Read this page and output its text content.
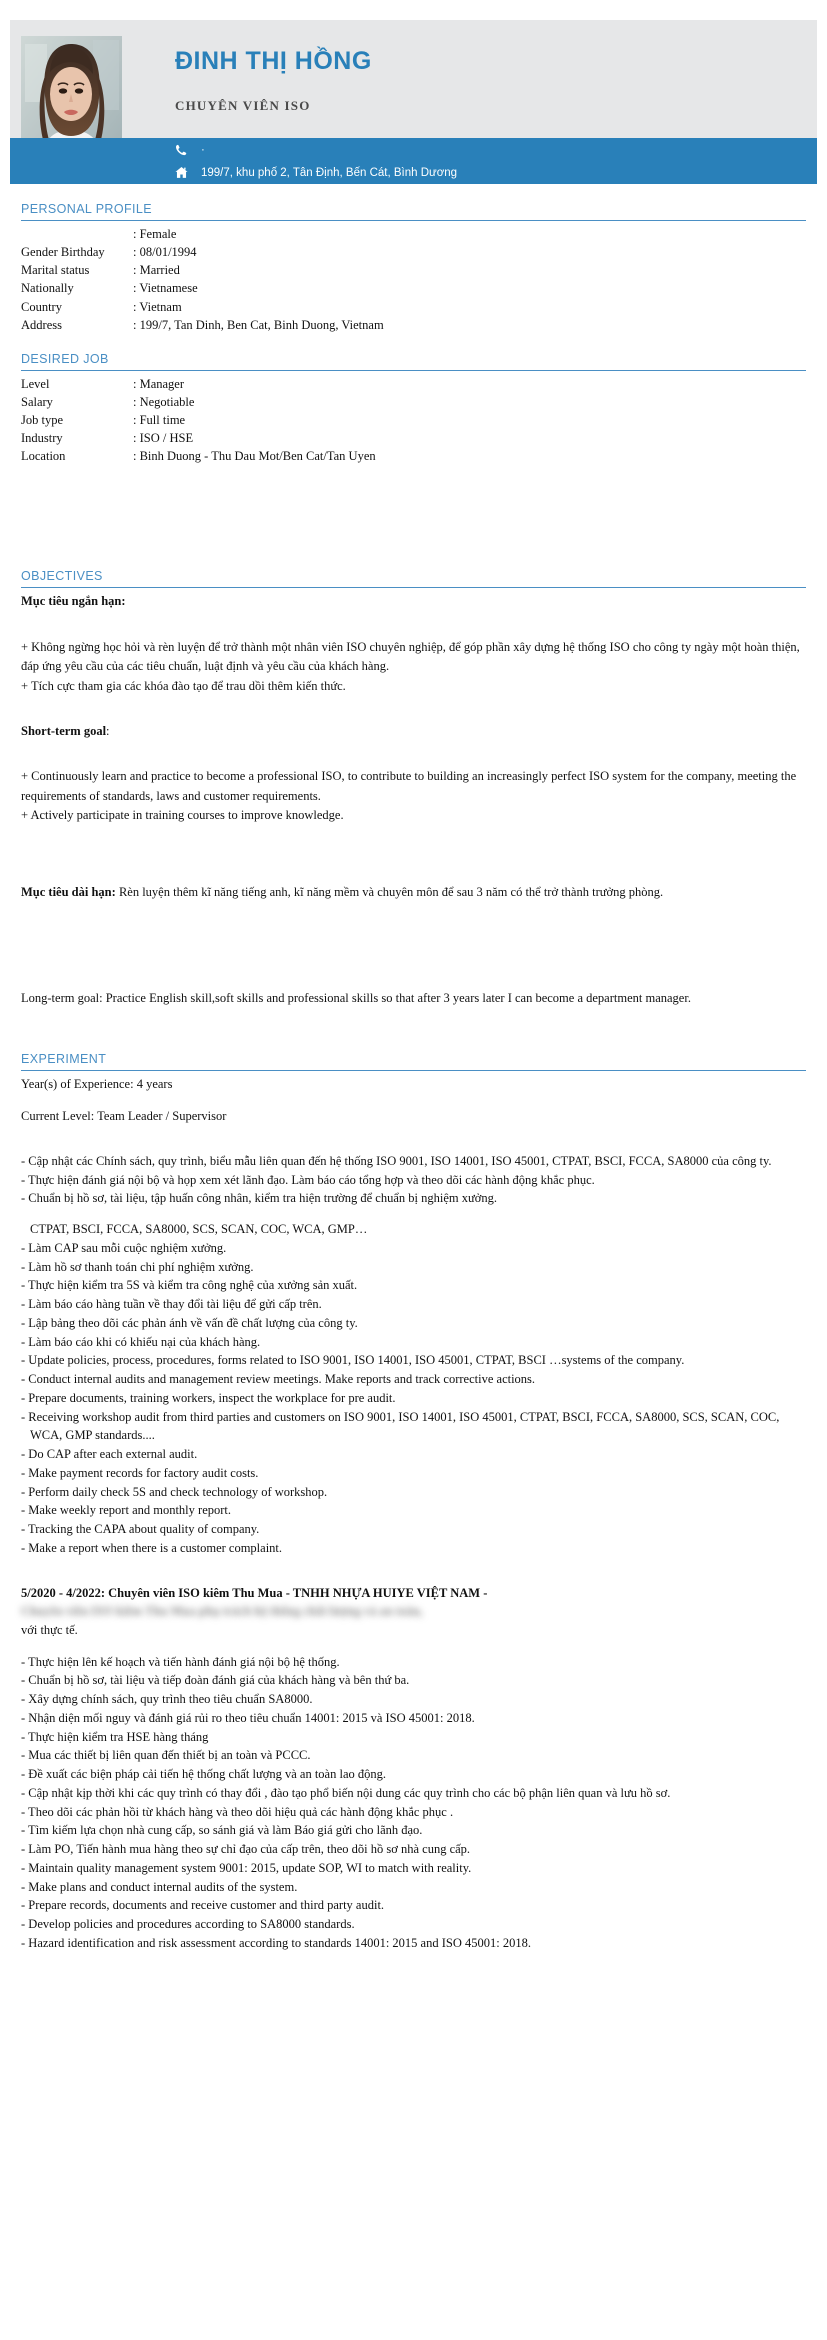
ĐINH THỊ HỒNG
CHUYÊN VIÊN ISO
·
199/7, khu phố 2, Tân Định, Bến Cát, Bình Dương
PERSONAL PROFILE
	: Female
Gender Birthday	: 08/01/1994
Marital status	: Married
Nationally	: Vietnamese
Country	: Vietnam
Address	: 199/7, Tan Dinh, Ben Cat, Binh Duong, Vietnam
DESIRED JOB
Level	: Manager
Salary	: Negotiable
Job type	: Full time
Industry	: ISO / HSE
Location	: Binh Duong - Thu Dau Mot/Ben Cat/Tan Uyen
OBJECTIVES
Mục tiêu ngắn hạn:
+ Không ngừng học hỏi và rèn luyện để trở thành một nhân viên ISO chuyên nghiệp, để góp phần xây dựng hệ thống ISO cho công ty ngày một hoàn thiện, đáp ứng yêu cầu của các tiêu chuẩn, luật định và yêu cầu của khách hàng.
+ Tích cực tham gia các khóa đào tạo để trau dồi thêm kiến thức.
Short-term goal:
+ Continuously learn and practice to become a professional ISO, to contribute to building an increasingly perfect ISO system for the company, meeting the requirements of standards, laws and customer requirements.
+ Actively participate in training courses to improve knowledge.
Mục tiêu dài hạn: Rèn luyện thêm kĩ năng tiếng anh, kĩ năng mềm và chuyên môn để sau 3 năm có thể trở thành trưởng phòng.
Long-term goal: Practice English skill,soft skills and professional skills so that after 3 years later I can become a department manager.
EXPERIMENT
Year(s) of Experience: 4 years
Current Level: Team Leader / Supervisor
- Cập nhật các Chính sách, quy trình, biểu mẫu liên quan đến hệ thống ISO 9001, ISO 14001, ISO 45001, CTPAT, BSCI, FCCA, SA8000 của công ty.
- Thực hiện đánh giá nội bộ và họp xem xét lãnh đạo. Làm báo cáo tổng hợp và theo dõi các hành động khắc phục.
- Chuẩn bị hồ sơ, tài liệu, tập huấn công nhân, kiểm tra hiện trường để chuẩn bị nghiệm xưởng.
CTPAT, BSCI, FCCA, SA8000, SCS, SCAN, COC, WCA, GMP…
- Làm CAP sau mỗi cuộc nghiệm xưởng.
- Làm hồ sơ thanh toán chi phí nghiệm xưởng.
- Thực hiện kiểm tra 5S và kiểm tra công nghệ của xưởng sản xuất.
- Làm báo cáo hàng tuần về thay đổi tài liệu để gửi cấp trên.
- Lập bảng theo dõi các phản ánh về vấn đề chất lượng của công ty.
- Làm báo cáo khi có khiếu nại của khách hàng.
- Update policies, process, procedures, forms related to ISO 9001, ISO 14001, ISO 45001, CTPAT, BSCI …systems of the company.
- Conduct internal audits and management review meetings. Make reports and track corrective actions.
- Prepare documents, training workers, inspect the workplace for pre audit.
- Receiving workshop audit from third parties and customers on ISO 9001, ISO 14001, ISO 45001, CTPAT, BSCI, FCCA, SA8000, SCS, SCAN, COC, WCA, GMP standards....
- Do CAP after each external audit.
- Make payment records for factory audit costs.
- Perform daily check 5S and check technology of workshop.
- Make weekly report and monthly report.
- Tracking the CAPA about quality of company.
- Make a report when there is a customer complaint.
5/2020 - 4/2022: Chuyên viên ISO kiêm Thu Mua - TNHH NHỰA HUIYE VIỆT NAM -
Chuyên viên ISO kiêm Thu Mua phụ trách hệ thống chất lượng và an toàn,
với thực tế.
- Thực hiện lên kế hoạch và tiến hành đánh giá nội bộ hệ thống.
- Chuẩn bị hồ sơ, tài liệu và tiếp đoàn đánh giá của khách hàng và bên thứ ba.
- Xây dựng chính sách, quy trình theo tiêu chuẩn SA8000.
- Nhận diện mối nguy và đánh giá rủi ro theo tiêu chuẩn 14001: 2015 và ISO 45001: 2018.
- Thực hiện kiểm tra HSE hàng tháng
- Mua các thiết bị liên quan đến thiết bị an toàn và PCCC.
- Đề xuất các biện pháp cải tiến hệ thống chất lượng và an toàn lao động.
- Cập nhật kịp thời khi các quy trình có thay đổi , đào tạo phổ biến nội dung các quy trình cho các bộ phận liên quan và lưu hồ sơ.
- Theo dõi các phản hồi từ khách hàng và theo dõi hiệu quả các hành động khắc phục .
- Tìm kiếm lựa chọn nhà cung cấp, so sánh giá và làm Báo giá gửi cho lãnh đạo.
- Làm PO, Tiến hành mua hàng theo sự chỉ đạo của cấp trên, theo dõi hồ sơ nhà cung cấp.
- Maintain quality management system 9001: 2015, update SOP, WI to match with reality.
- Make plans and conduct internal audits of the system.
- Prepare records, documents and receive customer and third party audit.
- Develop policies and procedures according to SA8000 standards.
- Hazard identification and risk assessment according to standards 14001: 2015 and ISO 45001: 2018.
